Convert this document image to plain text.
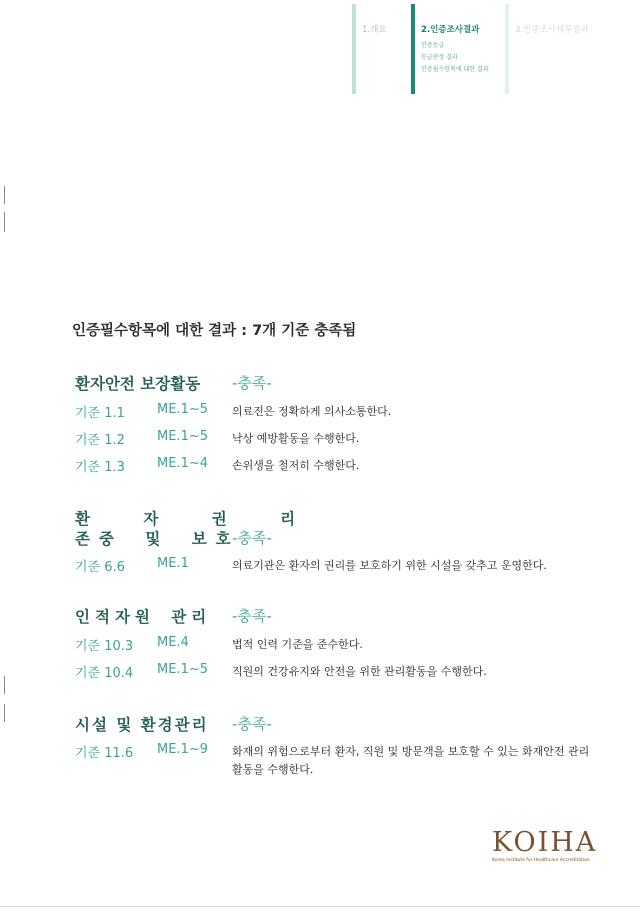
1.개요	2.인증조사결과
인증등급
등급판정 결과
인증필수항목에 대한 결과
3.인증조사세부결과
인증필수항목에 대한 결과 : 7개 기준 충족됨
환자안전 보장활동 -충족-
기준 1.1 ME.1~5 의료진은 정확하게 의사소통한다.
기준 1.2 ME.1~5 낙상 예방활동을 수행한다.
기준 1.3 ME.1~4 손위생을 철저히 수행한다.
환 자 권 리
존중 및 보호
-충족-
기준 6.6 ME.1	의료기관은 환자의 권리를 보호하기 위한 시설을 갖추고 운영한다.
인적자원 관리 -충족-
기준 10.3 ME.4	법적 인력 기준을 준수한다.
기준 10.4 ME.1~5 직원의 건강유지와 안전을 위한 관리활동을 수행한다.
시설 및 환경관리 -충족-
기준 11.6 ME.1~9 화재의 위험으로부터 환자, 직원 및 방문객을 보호할 수 있는 화재안전 관리활동을 수행한다.
KOIHA
Korea Institute for Healthcare Accreditation
